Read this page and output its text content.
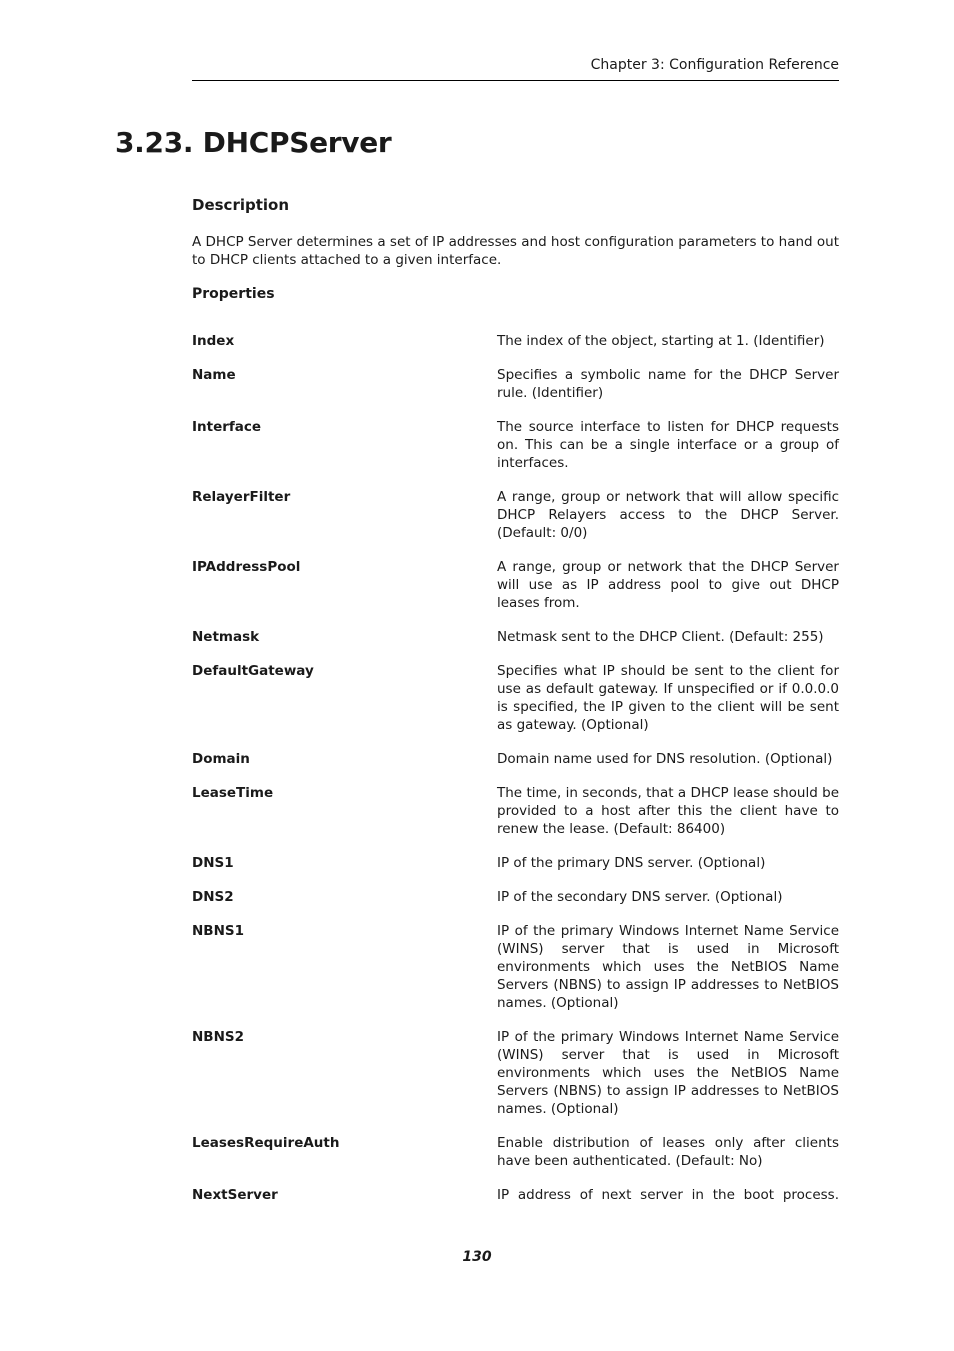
Chapter 3: Configuration Reference
3.23. DHCPServer
Description

A DHCP Server determines a set of IP addresses and host configuration parameters to hand out to DHCP clients attached to a given interface.

Properties
Index	The index of the object, starting at 1. (Identifier)
Name	Specifies a symbolic name for the DHCP Server rule. (Identifier)
Interface	The source interface to listen for DHCP requests on. This can be a single interface or a group of interfaces.
RelayerFilter	A range, group or network that will allow specific DHCP Relayers access to the DHCP Server. (Default: 0/0)
IPAddressPool	A range, group or network that the DHCP Server will use as IP address pool to give out DHCP leases from.
Netmask	Netmask sent to the DHCP Client. (Default: 255)
DefaultGateway	Specifies what IP should be sent to the client for use as default gateway. If unspecified or if 0.0.0.0 is specified, the IP given to the client will be sent as gateway. (Optional)
Domain	Domain name used for DNS resolution. (Optional)
LeaseTime	The time, in seconds, that a DHCP lease should be provided to a host after this the client have to renew the lease. (Default: 86400)
DNS1	IP of the primary DNS server. (Optional)
DNS2	IP of the secondary DNS server. (Optional)
NBNS1	IP of the primary Windows Internet Name Service (WINS) server that is used in Microsoft environments which uses the NetBIOS Name Servers (NBNS) to assign IP addresses to NetBIOS names. (Optional)
NBNS2	IP of the primary Windows Internet Name Service (WINS) server that is used in Microsoft environments which uses the NetBIOS Name Servers (NBNS) to assign IP addresses to NetBIOS names. (Optional)
LeasesRequireAuth	Enable distribution of leases only after clients have been authenticated. (Default: No)
NextServer	IP address of next server in the boot process.
130
